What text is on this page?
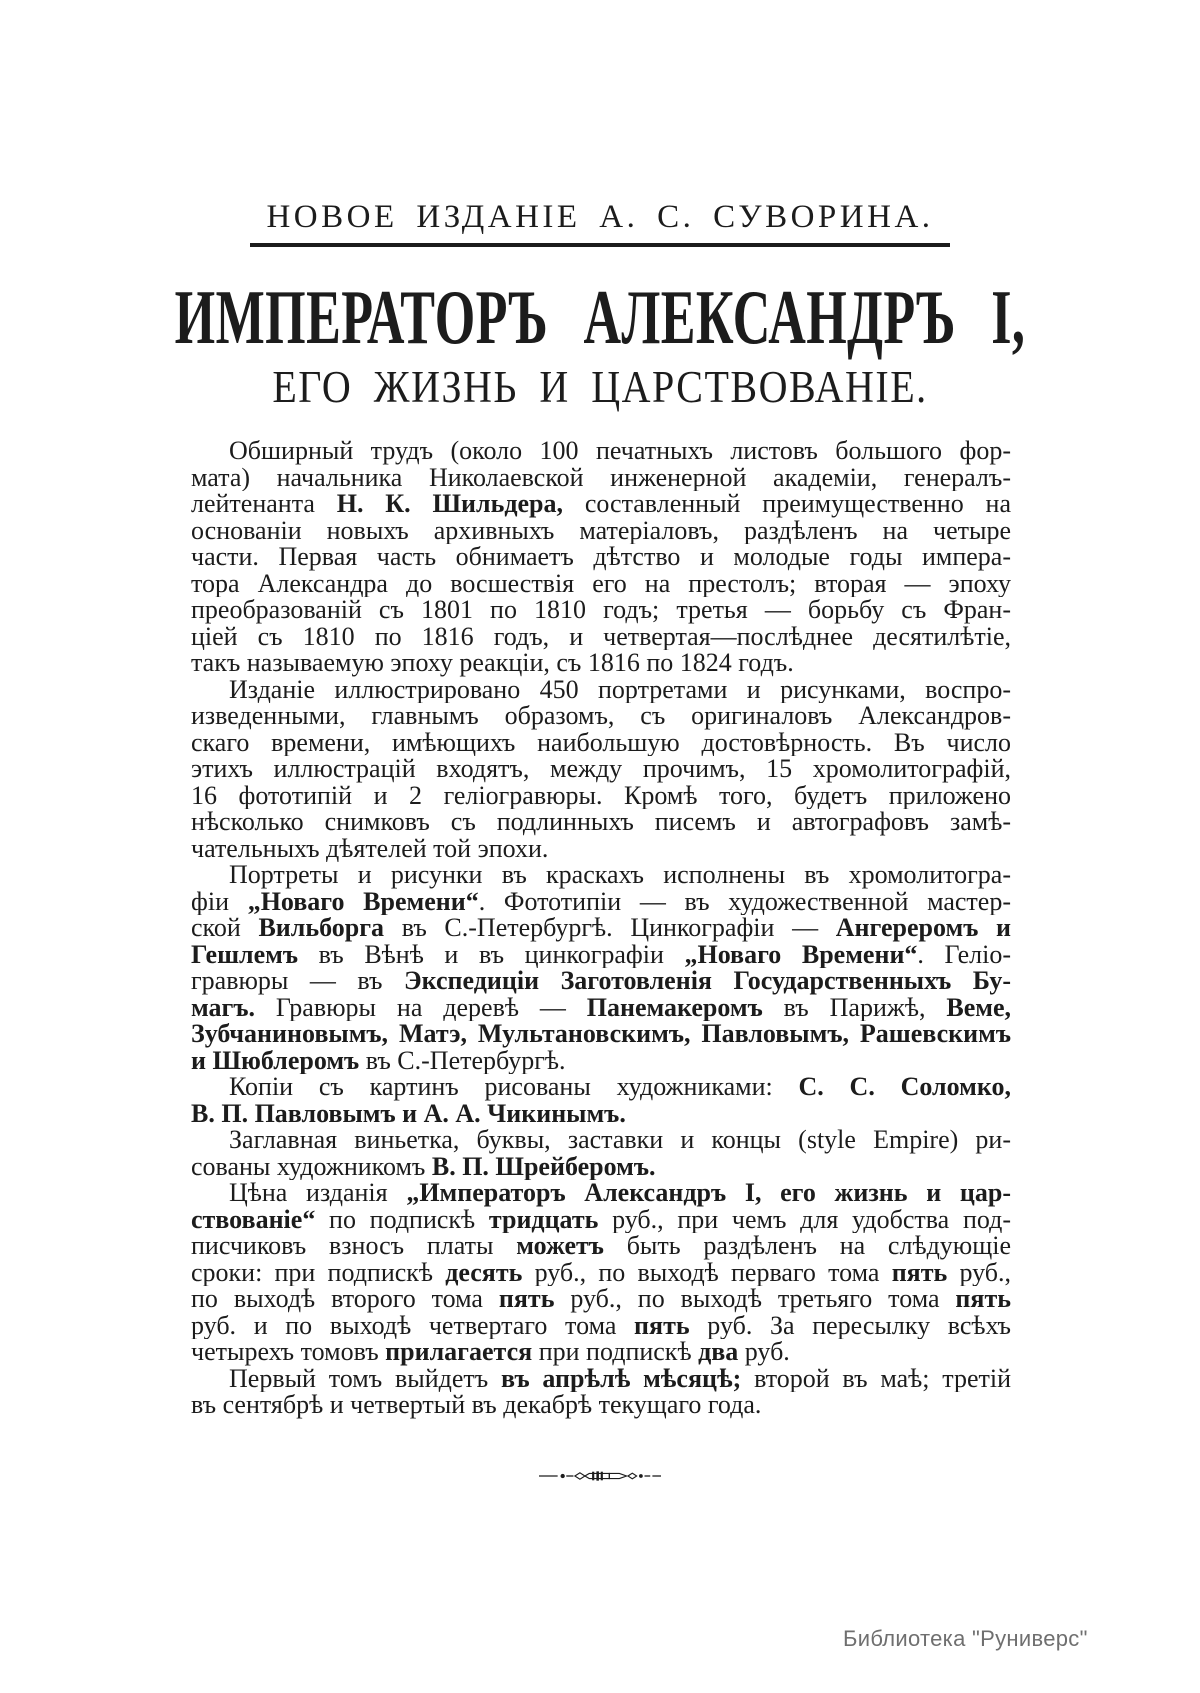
НОВОЕ ИЗДАНІЕ А. С. СУВОРИНА.
ИМПЕРАТОРЪ АЛЕКСАНДРЪ I,
ЕГО ЖИЗНЬ И ЦАРСТВОВАНІЕ.
Обширный трудъ (около 100 печатныхъ листовъ большого фор-
мата) начальника Николаевской инженерной академіи, генералъ-
лейтенанта Н. К. Шильдера, составленный преимущественно на
основаніи новыхъ архивныхъ матеріаловъ, раздѣленъ на четыре
части. Первая часть обнимаетъ дѣтство и молодые годы импера-
тора Александра до восшествія его на престолъ; вторая — эпоху
преобразованій съ 1801 по 1810 годъ; третья — борьбу съ Фран-
ціей съ 1810 по 1816 годъ, и четвертая—послѣднее десятилѣтіе,
такъ называемую эпоху реакціи, съ 1816 по 1824 годъ.
Изданіе иллюстрировано 450 портретами и рисунками, воспро-
изведенными, главнымъ образомъ, съ оригиналовъ Александров-
скаго времени, имѣющихъ наибольшую достовѣрность. Въ число
этихъ иллюстрацій входятъ, между прочимъ, 15 хромолитографій,
16 фототипій и 2 геліогравюры. Кромѣ того, будетъ приложено
нѣсколько снимковъ съ подлинныхъ писемъ и автографовъ замѣ-
чательныхъ дѣятелей той эпохи.
Портреты и рисунки въ краскахъ исполнены въ хромолитогра-
фіи „Новаго Времени“. Фототипіи — въ художественной мастер-
ской Вильборга въ С.-Петербургѣ. Цинкографіи — Ангереромъ и
Гешлемъ въ Вѣнѣ и въ цинкографіи „Новаго Времени“. Геліо-
гравюры — въ Экспедиціи Заготовленія Государственныхъ Бу-
магъ. Гравюры на деревѣ — Панемакеромъ въ Парижѣ, Веме,
Зубчаниновымъ, Матэ, Мультановскимъ, Павловымъ, Рашевскимъ
и Шюблеромъ въ С.-Петербургѣ.
Копіи съ картинъ рисованы художниками: С. С. Соломко,
В. П. Павловымъ и А. А. Чикинымъ.
Заглавная виньетка, буквы, заставки и концы (style Empire) ри-
сованы художникомъ В. П. Шрейберомъ.
Цѣна изданія „Императоръ Александръ I, его жизнь и цар-
ствованіе“ по подпискѣ тридцать руб., при чемъ для удобства под-
писчиковъ взносъ платы можетъ быть раздѣленъ на слѣдующіе
сроки: при подпискѣ десять руб., по выходѣ перваго тома пять руб.,
по выходѣ второго тома пять руб., по выходѣ третьяго тома пять
руб. и по выходѣ четвертаго тома пять руб. За пересылку всѣхъ
четырехъ томовъ прилагается при подпискѣ два руб.
Первый томъ выйдетъ въ апрѣлѣ мѣсяцѣ; второй въ маѣ; третій
въ сентябрѣ и четвертый въ декабрѣ текущаго года.
Библиотека "Руниверс"
